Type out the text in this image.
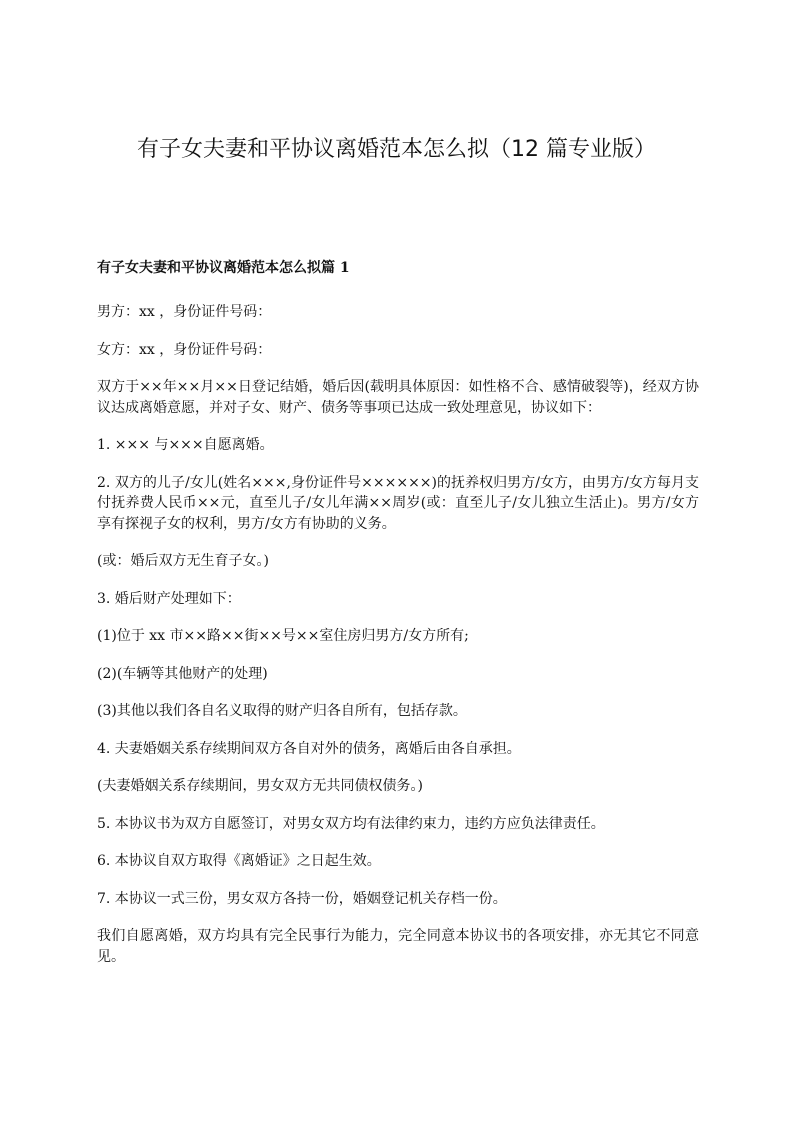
有子女夫妻和平协议离婚范本怎么拟（12 篇专业版）

有子女夫妻和平协议离婚范本怎么拟篇 1

男方：xx ，身份证件号码：

女方：xx ，身份证件号码：

双方于××年××月××日登记结婚，婚后因(载明具体原因：如性格不合、感情破裂等)，经双方协议达成离婚意愿，并对子女、财产、债务等事项已达成一致处理意见，协议如下：

1. ××× 与×××自愿离婚。

2. 双方的儿子/女儿(姓名×××,身份证件号××××××)的抚养权归男方/女方，由男方/女方每月支付抚养费人民币××元，直至儿子/女儿年满××周岁(或：直至儿子/女儿独立生活止)。男方/女方享有探视子女的权利，男方/女方有协助的义务。

(或：婚后双方无生育子女。)

3. 婚后财产处理如下：

(1)位于 xx 市××路××街××号××室住房归男方/女方所有;

(2)(车辆等其他财产的处理)

(3)其他以我们各自名义取得的财产归各自所有，包括存款。

4. 夫妻婚姻关系存续期间双方各自对外的债务，离婚后由各自承担。

(夫妻婚姻关系存续期间，男女双方无共同债权债务。)

5. 本协议书为双方自愿签订，对男女双方均有法律约束力，违约方应负法律责任。

6. 本协议自双方取得《离婚证》之日起生效。

7. 本协议一式三份，男女双方各持一份，婚姻登记机关存档一份。

我们自愿离婚，双方均具有完全民事行为能力，完全同意本协议书的各项安排，亦无其它不同意见。
